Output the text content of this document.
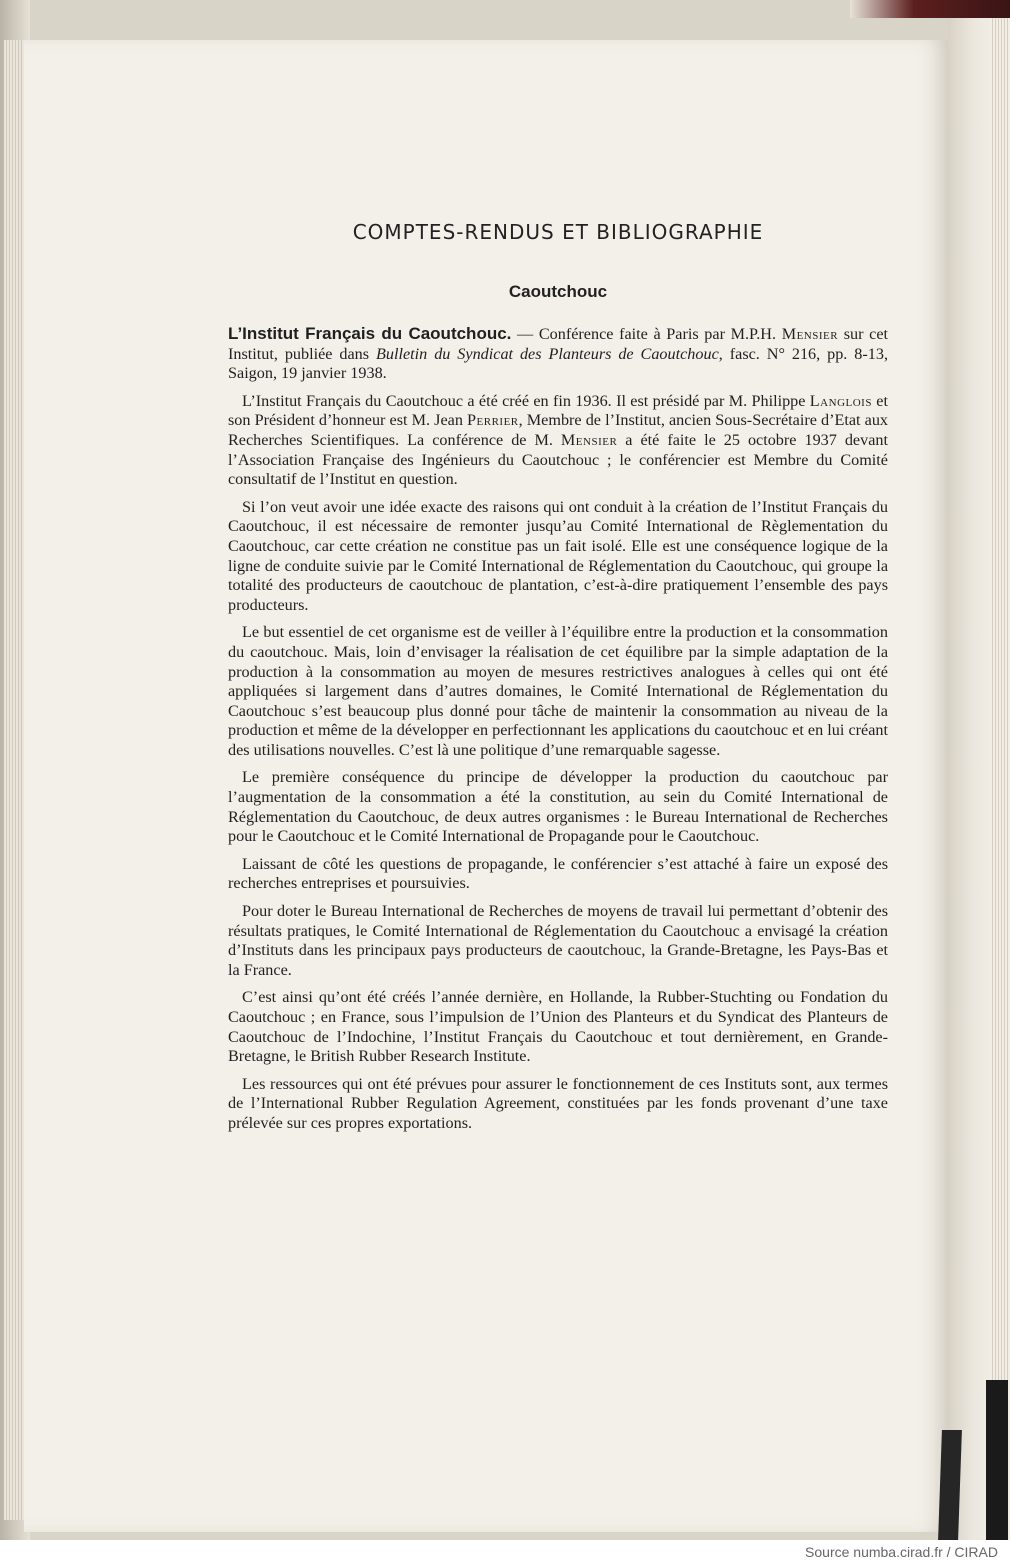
COMPTES-RENDUS ET BIBLIOGRAPHIE
Caoutchouc

L’Institut Français du Caoutchouc. — Conférence faite à Paris par M.P.H. Mensier sur cet Institut, publiée dans Bulletin du Syndicat des Planteurs de Caoutchouc, fasc. N° 216, pp. 8-13, Saigon, 19 janvier 1938.

L’Institut Français du Caoutchouc a été créé en fin 1936. Il est présidé par M. Philippe Langlois et son Président d’honneur est M. Jean Perrier, Membre de l’Institut, ancien Sous-Secrétaire d’Etat aux Recherches Scientifiques. La conférence de M. Mensier a été faite le 25 octobre 1937 devant l’Association Française des Ingénieurs du Caoutchouc ; le conférencier est Membre du Comité consultatif de l’Institut en question.

Si l’on veut avoir une idée exacte des raisons qui ont conduit à la création de l’Institut Français du Caoutchouc, il est nécessaire de remonter jusqu’au Comité International de Règlementation du Caoutchouc, car cette création ne constitue pas un fait isolé. Elle est une conséquence logique de la ligne de conduite suivie par le Comité International de Réglementation du Caoutchouc, qui groupe la totalité des producteurs de caoutchouc de plantation, c’est-à-dire pratiquement l’ensemble des pays producteurs.

Le but essentiel de cet organisme est de veiller à l’équilibre entre la production et la consommation du caoutchouc. Mais, loin d’envisager la réalisation de cet équilibre par la simple adaptation de la production à la consommation au moyen de mesures restrictives analogues à celles qui ont été appliquées si largement dans d’autres domaines, le Comité International de Réglementation du Caoutchouc s’est beaucoup plus donné pour tâche de maintenir la consommation au niveau de la production et même de la développer en perfectionnant les applications du caoutchouc et en lui créant des utilisations nouvelles. C’est là une politique d’une remarquable sagesse.

Le première conséquence du principe de développer la production du caoutchouc par l’augmentation de la consommation a été la constitution, au sein du Comité International de Réglementation du Caoutchouc, de deux autres organismes : le Bureau International de Recherches pour le Caoutchouc et le Comité International de Propagande pour le Caoutchouc.

Laissant de côté les questions de propagande, le conférencier s’est attaché à faire un exposé des recherches entreprises et poursuivies.

Pour doter le Bureau International de Recherches de moyens de travail lui permettant d’obtenir des résultats pratiques, le Comité International de Réglementation du Caoutchouc a envisagé la création d’Instituts dans les principaux pays producteurs de caoutchouc, la Grande-Bretagne, les Pays-Bas et la France.

C’est ainsi qu’ont été créés l’année dernière, en Hollande, la Rubber-Stuchting ou Fondation du Caoutchouc ; en France, sous l’impulsion de l’Union des Planteurs et du Syndicat des Planteurs de Caoutchouc de l’Indochine, l’Institut Français du Caoutchouc et tout dernièrement, en Grande-Bretagne, le British Rubber Research Institute.

Les ressources qui ont été prévues pour assurer le fonctionnement de ces Instituts sont, aux termes de l’International Rubber Regulation Agreement, constituées par les fonds provenant d’une taxe prélevée sur ces propres exportations.

Source numba.cirad.fr / CIRAD
